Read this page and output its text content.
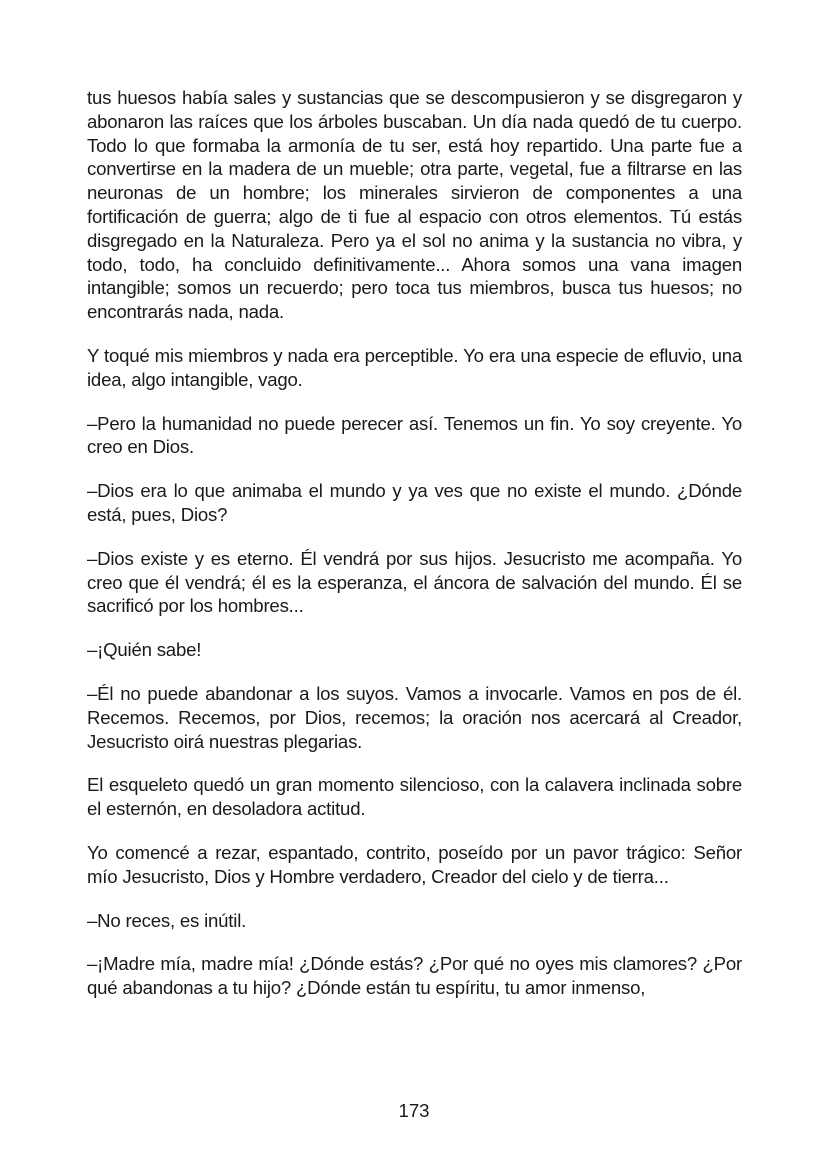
tus huesos había sales y sustancias que se descompusieron y se disgregaron y abonaron las raíces que los árboles buscaban. Un día nada quedó de tu cuerpo. Todo lo que formaba la armonía de tu ser, está hoy repartido. Una parte fue a convertirse en la madera de un mueble; otra parte, vegetal, fue a filtrarse en las neuronas de un hombre; los minerales sirvieron de componentes a una fortificación de guerra; algo de ti fue al espacio con otros elementos. Tú estás disgregado en la Naturaleza. Pero ya el sol no anima y la sustancia no vibra, y todo, todo, ha concluido definitivamente... Ahora somos una vana imagen intangible; somos un recuerdo; pero toca tus miembros, busca tus huesos; no encontrarás nada, nada.

Y toqué mis miembros y nada era perceptible. Yo era una especie de efluvio, una idea, algo intangible, vago.

–Pero la humanidad no puede perecer así. Tenemos un fin. Yo soy creyente. Yo creo en Dios.

–Dios era lo que animaba el mundo y ya ves que no existe el mundo. ¿Dónde está, pues, Dios?

–Dios existe y es eterno. Él vendrá por sus hijos. Jesucristo me acompaña. Yo creo que él vendrá; él es la esperanza, el áncora de salvación del mundo. Él se sacrificó por los hombres...

–¡Quién sabe!

–Él no puede abandonar a los suyos. Vamos a invocarle. Vamos en pos de él. Recemos. Recemos, por Dios, recemos; la oración nos acercará al Creador, Jesucristo oirá nuestras plegarias.

El esqueleto quedó un gran momento silencioso, con la calavera inclinada sobre el esternón, en desoladora actitud.

Yo comencé a rezar, espantado, contrito, poseído por un pavor trágico: Señor mío Jesucristo, Dios y Hombre verdadero, Creador del cielo y de tierra...

–No reces, es inútil.

–¡Madre mía, madre mía! ¿Dónde estás? ¿Por qué no oyes mis clamores? ¿Por qué abandonas a tu hijo? ¿Dónde están tu espíritu, tu amor inmenso,

173
